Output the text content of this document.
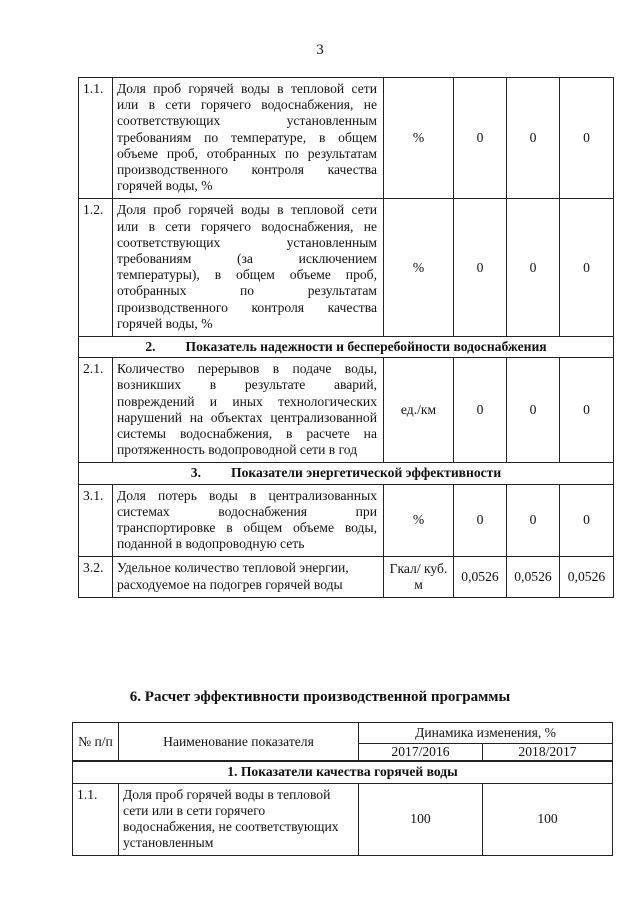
3
1.1.	Доля проб горячей воды в тепловой сети или в сети горячего водоснабжения, не соответствующих установленным требованиям по температуре, в общем объеме проб, отобранных по результатам производственного контроля качества горячей воды, %	%	0	0	0
1.2.	Доля проб горячей воды в тепловой сети или в сети горячего водоснабжения, не соответствующих установленным требованиям (за исключением температуры), в общем объеме проб, отобранных по результатам производственного контроля качества горячей воды, %	%	0	0	0
2. Показатель надежности и бесперебойности водоснабжения					
2.1.	Количество перерывов в подаче воды, возникших в результате аварий, повреждений и иных технологических нарушений на объектах централизованной системы водоснабжения, в расчете на протяженность водопроводной сети в год	ед./км	0	0	0
3. Показатели энергетической эффективности					
3.1.	Доля потерь воды в централизованных системах водоснабжения при транспортировке в общем объеме воды, поданной в водопроводную сеть	%	0	0	0
3.2.	Удельное количество тепловой энергии, расходуемое на подогрев горячей воды	Гкал/ куб. м	0,0526	0,0526	0,0526
6. Расчет эффективности производственной программы
№ п/п	Наименование показателя	Динамика изменения, %	
		2017/2016	2018/2017
1. Показатели качества горячей воды			
1.1.	Доля проб горячей воды в тепловой сети или в сети горячего водоснабжения, не соответствующих установленным	100	100
